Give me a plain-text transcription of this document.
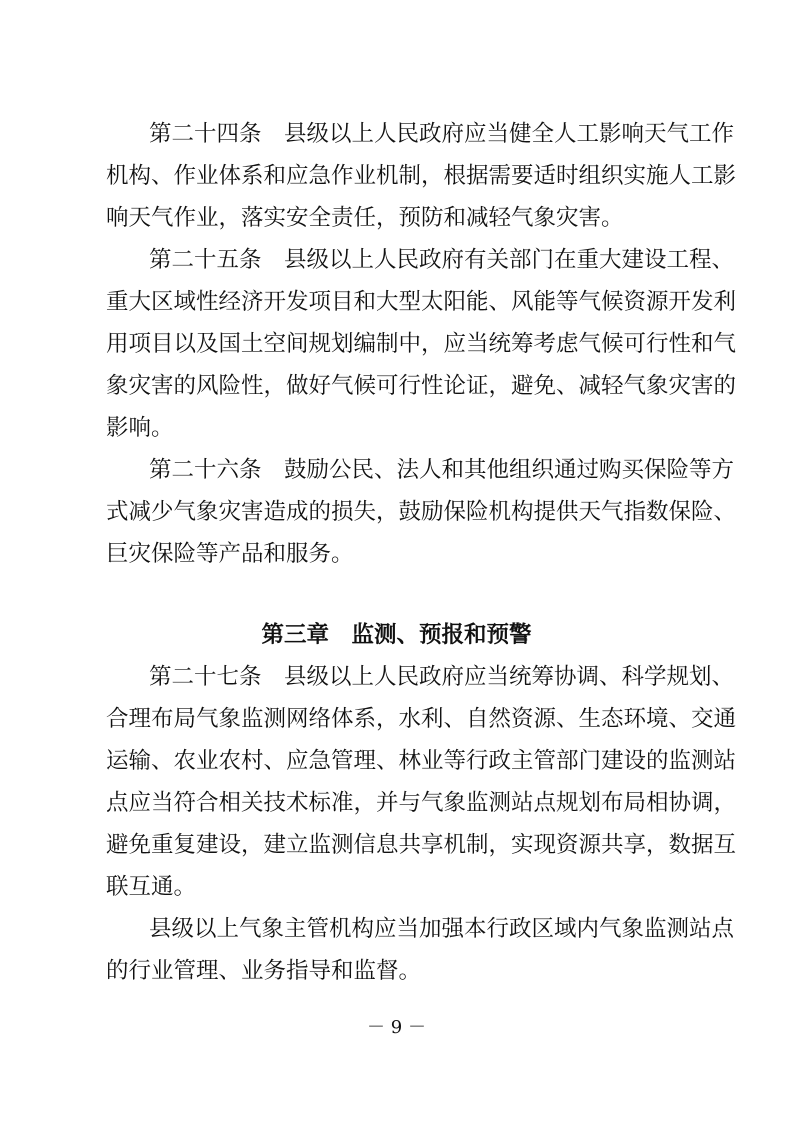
第二十四条　县级以上人民政府应当健全人工影响天气工作
机构、作业体系和应急作业机制，根据需要适时组织实施人工影
响天气作业，落实安全责任，预防和减轻气象灾害。
第二十五条　县级以上人民政府有关部门在重大建设工程、
重大区域性经济开发项目和大型太阳能、风能等气候资源开发利
用项目以及国土空间规划编制中，应当统筹考虑气候可行性和气
象灾害的风险性，做好气候可行性论证，避免、减轻气象灾害的
影响。
第二十六条　鼓励公民、法人和其他组织通过购买保险等方
式减少气象灾害造成的损失，鼓励保险机构提供天气指数保险、
巨灾保险等产品和服务。
第三章　监测、预报和预警
第二十七条　县级以上人民政府应当统筹协调、科学规划、
合理布局气象监测网络体系，水利、自然资源、生态环境、交通
运输、农业农村、应急管理、林业等行政主管部门建设的监测站
点应当符合相关技术标准，并与气象监测站点规划布局相协调，
避免重复建设，建立监测信息共享机制，实现资源共享，数据互
联互通。
县级以上气象主管机构应当加强本行政区域内气象监测站点
的行业管理、业务指导和监督。
－ 9 －
